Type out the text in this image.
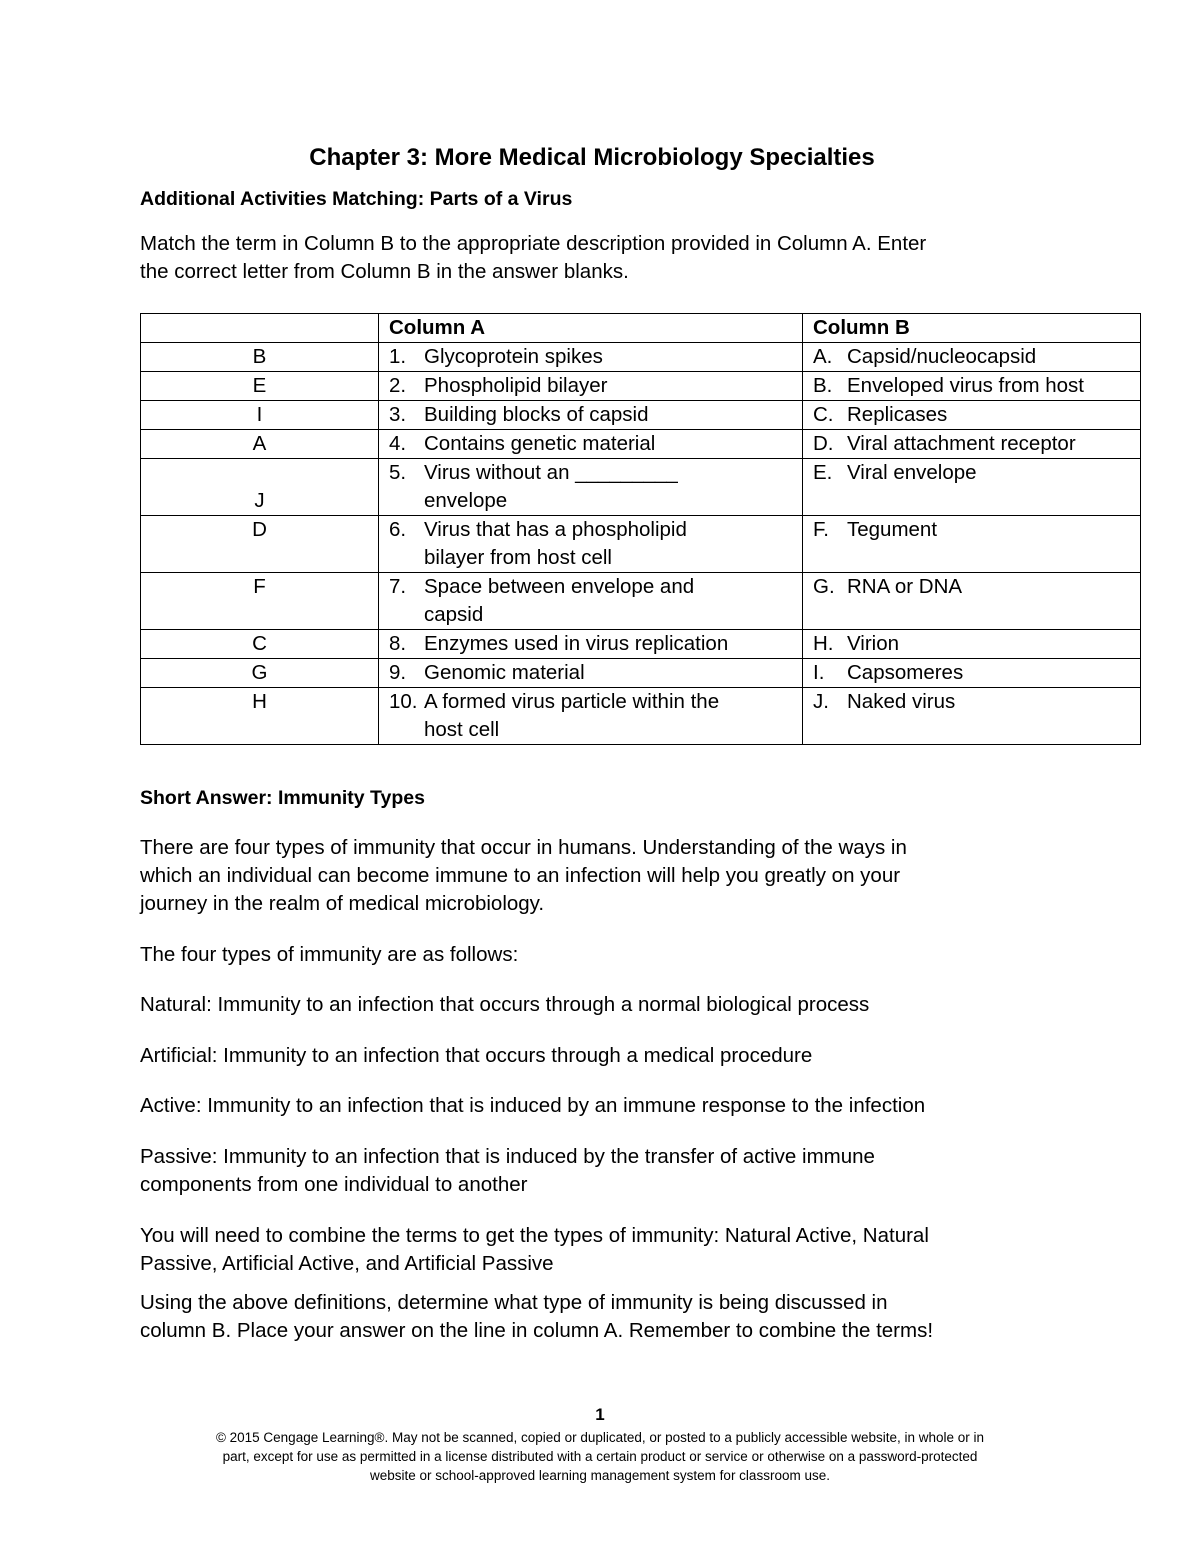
Chapter 3: More Medical Microbiology Specialties
Additional Activities Matching: Parts of a Virus
Match the term in Column B to the appropriate description provided in Column A. Enter
the correct letter from Column B in the answer blanks.
	Column A	Column B
B	1. Glycoprotein spikes	A. Capsid/nucleocapsid

E	2. Phospholipid bilayer	B. Enveloped virus from host

I	3. Building blocks of capsid	C. Replicases

A	4. Contains genetic material	D. Viral attachment receptor

J	5. Virus without an _________
envelope	E. Viral envelope

D	6. Virus that has a phospholipid
bilayer from host cell	F. Tegument

F	7. Space between envelope and
capsid	G. RNA or DNA

C	8. Enzymes used in virus replication	H. Virion

G	9. Genomic material	I. Capsomeres

H	10. A formed virus particle within the
host cell	J. Naked virus
Short Answer: Immunity Types
There are four types of immunity that occur in humans. Understanding of the ways in
which an individual can become immune to an infection will help you greatly on your
journey in the realm of medical microbiology.
The four types of immunity are as follows:
Natural: Immunity to an infection that occurs through a normal biological process
Artificial: Immunity to an infection that occurs through a medical procedure
Active: Immunity to an infection that is induced by an immune response to the infection
Passive: Immunity to an infection that is induced by the transfer of active immune
components from one individual to another
You will need to combine the terms to get the types of immunity: Natural Active, Natural
Passive, Artificial Active, and Artificial Passive
Using the above definitions, determine what type of immunity is being discussed in
column B. Place your answer on the line in column A. Remember to combine the terms!
1
© 2015 Cengage Learning®. May not be scanned, copied or duplicated, or posted to a publicly accessible website, in whole or in
part, except for use as permitted in a license distributed with a certain product or service or otherwise on a password-protected
website or school-approved learning management system for classroom use.
